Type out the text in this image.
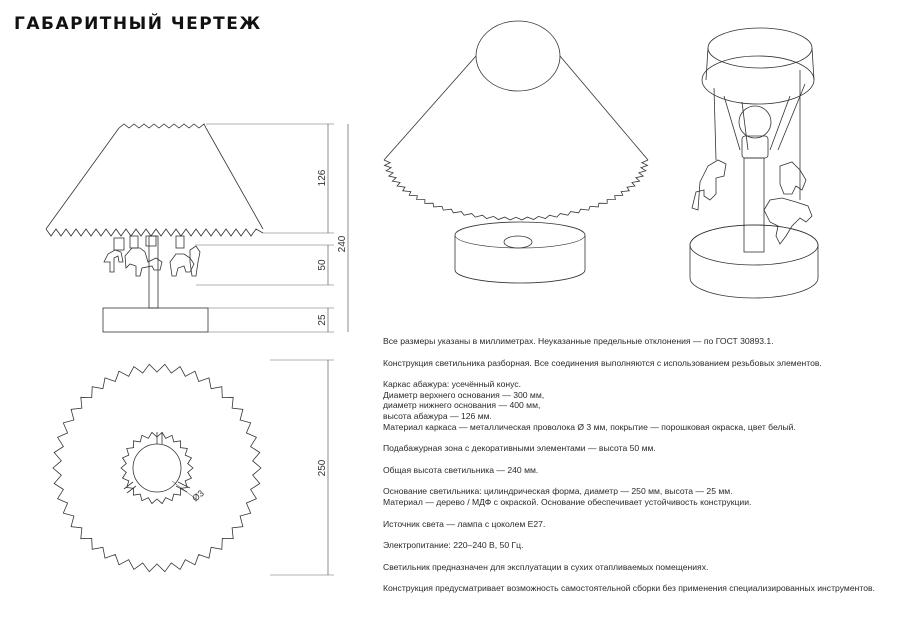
ГАБАРИТНЫЙ ЧЕРТЕЖ
126
240
50
25
250
Ø3

Все размеры указаны в миллиметрах. Неуказанные предельные отклонения — по ГОСТ 30893.1.

Конструкция светильника разборная. Все соединения выполняются с использованием резьбовых элементов.

Каркас абажура: усечённый конус.

Диаметр верхнего основания — 300 мм,

диаметр нижнего основания — 400 мм,

высота абажура — 126 мм.

Материал каркаса — металлическая проволока Ø 3 мм, покрытие — порошковая окраска, цвет белый.

Подабажурная зона с декоративными элементами — высота 50 мм.

Общая высота светильника — 240 мм.

Основание светильника: цилиндрическая форма, диаметр — 250 мм, высота — 25 мм.

Материал — дерево / МДФ с окраской. Основание обеспечивает устойчивость конструкции.

Источник света — лампа с цоколем E27.

Электропитание: 220–240 В, 50 Гц.

Светильник предназначен для эксплуатации в сухих отапливаемых помещениях.

Конструкция предусматривает возможность самостоятельной сборки без применения специализированных инструментов.
